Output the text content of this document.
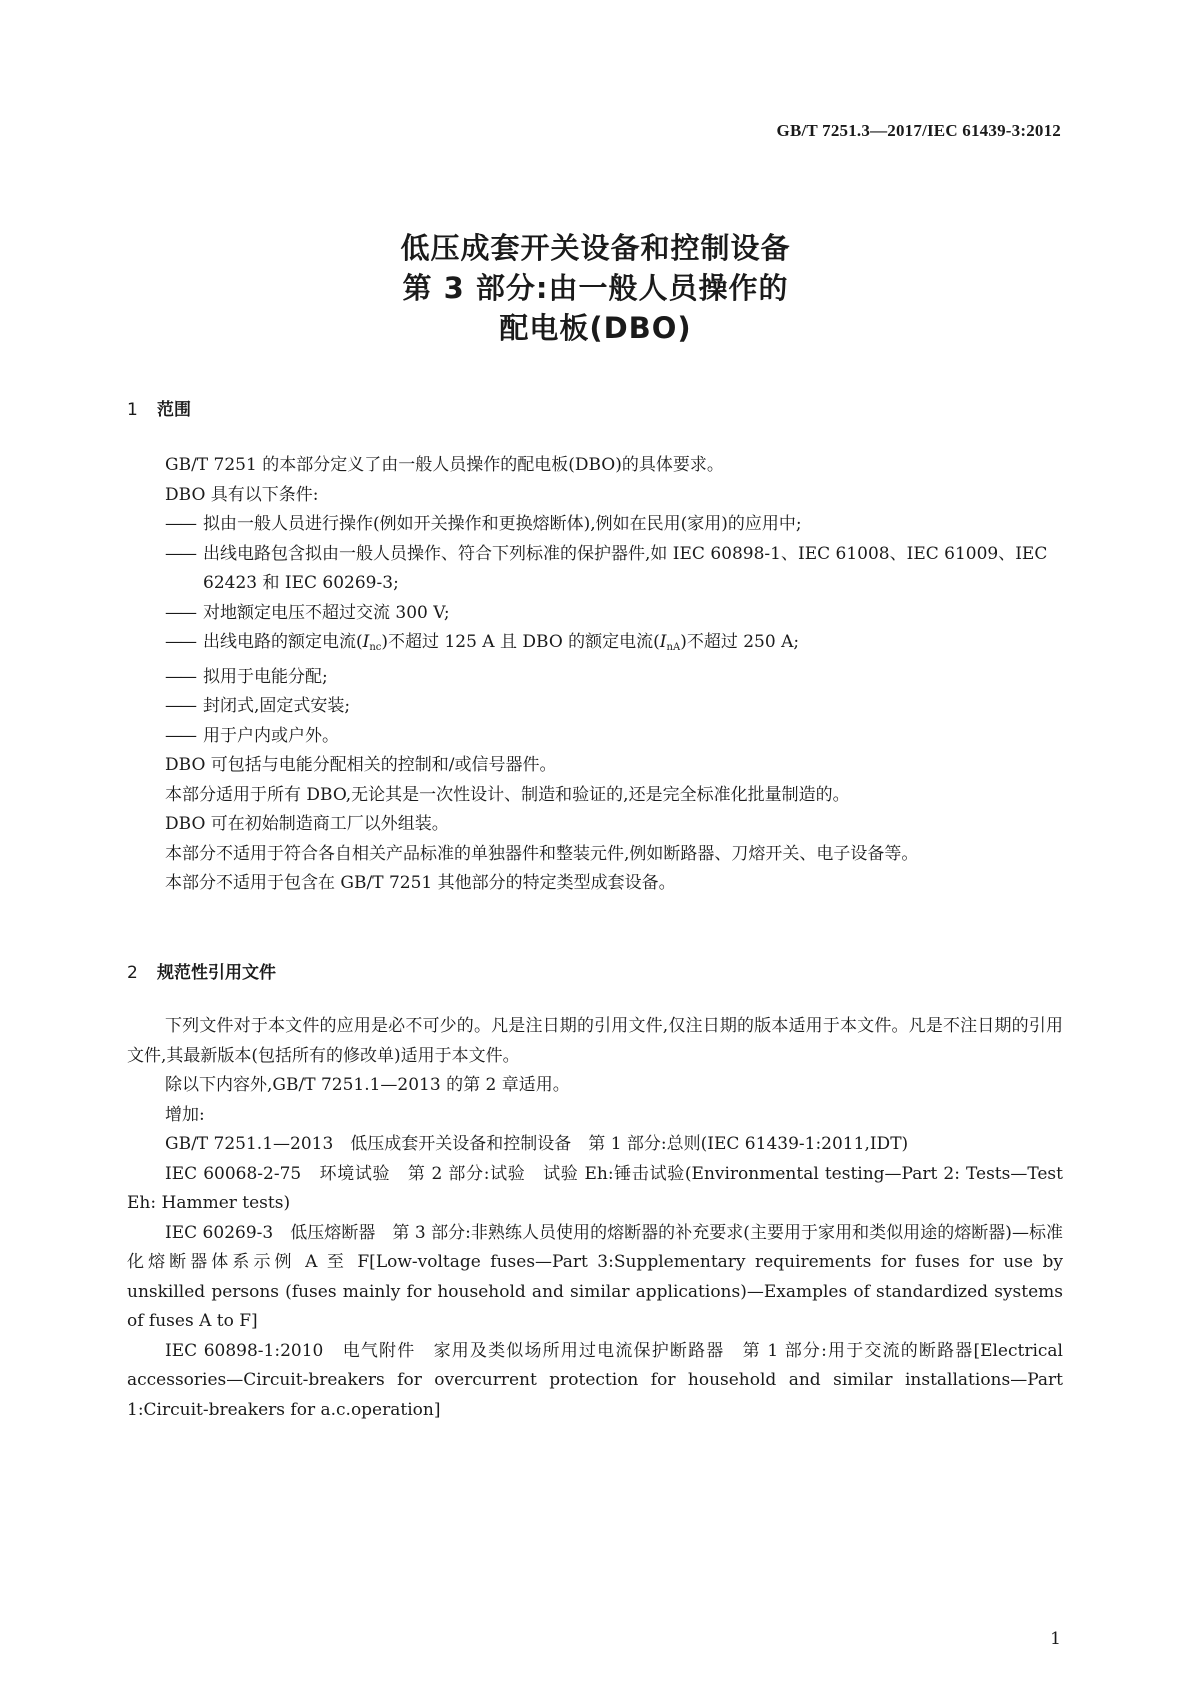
GB/T 7251.3—2017/IEC 61439-3:2012

低压成套开关设备和控制设备

第 3 部分:由一般人员操作的

配电板(DBO)

1 范围

GB/T 7251 的本部分定义了由一般人员操作的配电板(DBO)的具体要求。

DBO 具有以下条件:

—— 拟由一般人员进行操作(例如开关操作和更换熔断体),例如在民用(家用)的应用中;

—— 出线电路包含拟由一般人员操作、符合下列标准的保护器件,如 IEC 60898-1、IEC 61008、IEC 61009、IEC 62423 和 IEC 60269-3;

—— 对地额定电压不超过交流 300 V;

—— 出线电路的额定电流$(I_{nc})$不超过 125 A 且 DBO 的额定电流$(I_{nA})$不超过 250 A;

—— 拟用于电能分配;

—— 封闭式,固定式安装;

—— 用于户内或户外。

DBO 可包括与电能分配相关的控制和/或信号器件。

本部分适用于所有 DBO,无论其是一次性设计、制造和验证的,还是完全标准化批量制造的。

DBO 可在初始制造商工厂以外组装。

本部分不适用于符合各自相关产品标准的单独器件和整装元件,例如断路器、刀熔开关、电子设备等。

本部分不适用于包含在 GB/T 7251 其他部分的特定类型成套设备。

2 规范性引用文件

下列文件对于本文件的应用是必不可少的。凡是注日期的引用文件,仅注日期的版本适用于本文件。凡是不注日期的引用文件,其最新版本(包括所有的修改单)适用于本文件。

除以下内容外,GB/T 7251.1—2013 的第 2 章适用。

增加:

GB/T 7251.1—2013　低压成套开关设备和控制设备　第 1 部分:总则(IEC 61439-1:2011,IDT)

IEC 60068-2-75　环境试验　第 2 部分:试验　试验 Eh:锤击试验(Environmental testing—Part 2: Tests—Test Eh: Hammer tests)

IEC 60269-3　低压熔断器　第 3 部分:非熟练人员使用的熔断器的补充要求(主要用于家用和类似用途的熔断器)—标准化熔断器体系示例 A 至 F[Low-voltage fuses—Part 3:Supplementary requirements for fuses for use by unskilled persons (fuses mainly for household and similar applications)—Examples of standardized systems of fuses A to F]

IEC 60898-1:2010　电气附件　家用及类似场所用过电流保护断路器　第 1 部分:用于交流的断路器[Electrical accessories—Circuit-breakers for overcurrent protection for household and similar installations—Part 1:Circuit-breakers for a.c.operation]

1
